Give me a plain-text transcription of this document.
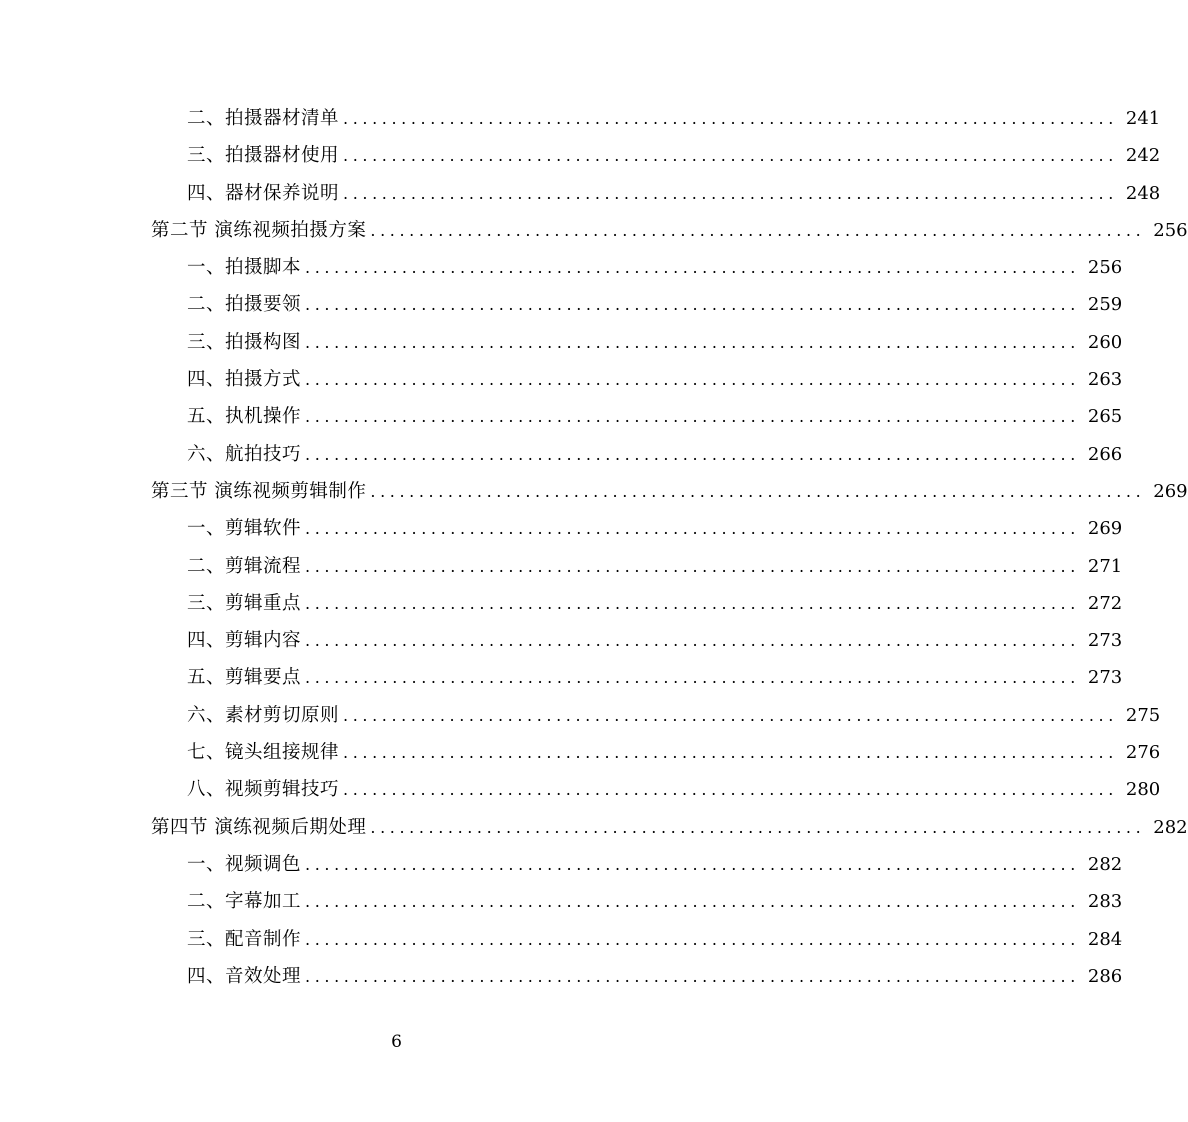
二、拍摄器材清单 ................................................................................ 241
三、拍摄器材使用 ................................................................................ 242
四、器材保养说明 ................................................................................ 248
第二节 演练视频拍摄方案 ................................................................................ 256
一、拍摄脚本 ................................................................................ 256
二、拍摄要领 ................................................................................ 259
三、拍摄构图 ................................................................................ 260
四、拍摄方式 ................................................................................ 263
五、执机操作 ................................................................................ 265
六、航拍技巧 ................................................................................ 266
第三节 演练视频剪辑制作 ................................................................................ 269
一、剪辑软件 ................................................................................ 269
二、剪辑流程 ................................................................................ 271
三、剪辑重点 ................................................................................ 272
四、剪辑内容 ................................................................................ 273
五、剪辑要点 ................................................................................ 273
六、素材剪切原则 ................................................................................ 275
七、镜头组接规律 ................................................................................ 276
八、视频剪辑技巧 ................................................................................ 280
第四节 演练视频后期处理 ................................................................................ 282
一、视频调色 ................................................................................ 282
二、字幕加工 ................................................................................ 283
三、配音制作 ................................................................................ 284
四、音效处理 ................................................................................ 286
6
